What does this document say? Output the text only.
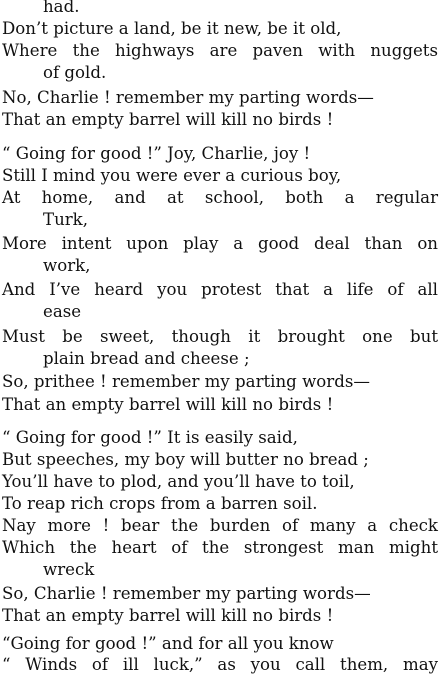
had.
Don’t picture a land, be it new, be it old,
Where the highways are paven with nuggets
of gold.
No, Charlie ! remember my parting words—
That an empty barrel will kill no birds !
“ Going for good !” Joy, Charlie, joy !
Still I mind you were ever a curious boy,
At home, and at school, both a regular
Turk,
More intent upon play a good deal than on
work,
And I’ve heard you protest that a life of all
ease
Must be sweet, though it brought one but
plain bread and cheese ;
So, prithee ! remember my parting words—
That an empty barrel will kill no birds !
“ Going for good !” It is easily said,
But speeches, my boy will butter no bread ;
You’ll have to plod, and you’ll have to toil,
To reap rich crops from a barren soil.
Nay more ! bear the burden of many a check
Which the heart of the strongest man might
wreck
So, Charlie ! remember my parting words—
That an empty barrel will kill no birds !
“Going for good !” and for all you know
“ Winds of ill luck,” as you call them, may
